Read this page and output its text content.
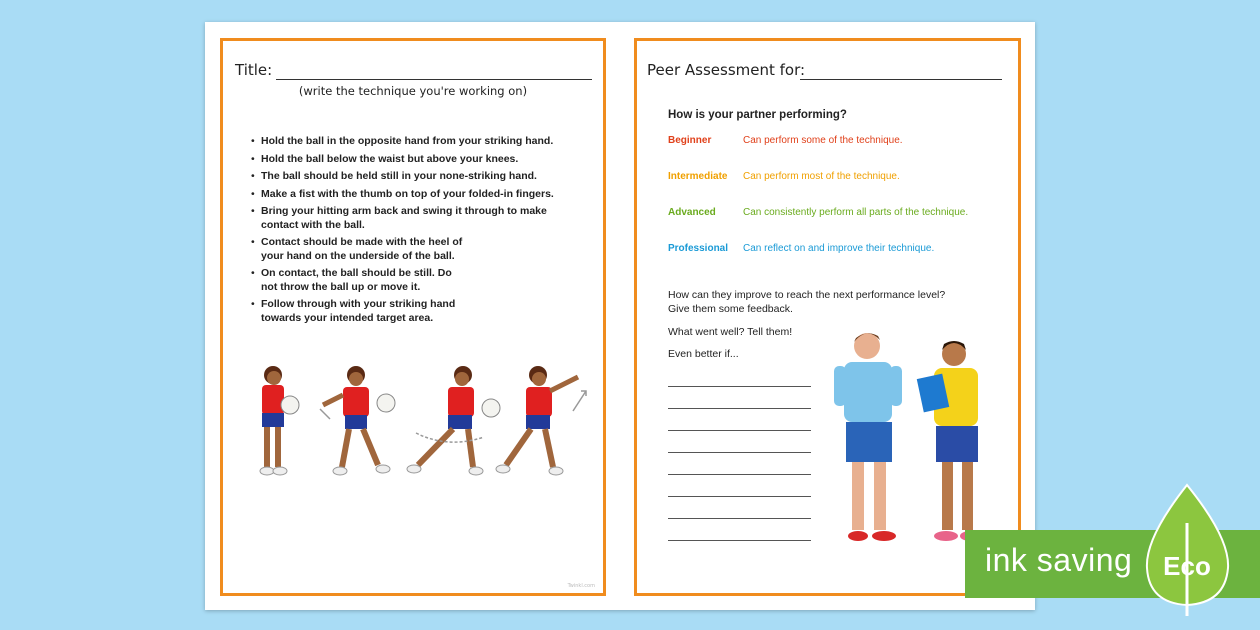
Title:
(write the technique you're working on)
• Hold the ball in the opposite hand from your striking hand.
• Hold the ball below the waist but above your knees.
• The ball should be held still in your none-striking hand.
• Make a fist with the thumb on top of your folded-in fingers.
• Bring your hitting arm back and swing it through to make contact with the ball.
• Contact should be made with the heel of your hand on the underside of the ball.
• On contact, the ball should be still. Do not throw the ball up or move it.
• Follow through with your striking hand towards your intended target area.
Twinkl.com
Peer Assessment for:
How is your partner performing?
Beginner	Can perform some of the technique.
Intermediate Can perform most of the technique.
Advanced	Can consistently perform all parts of the technique.
Professional Can reflect on and improve their technique.
How can they improve to reach the next performance level?
Give them some feedback.
What went well? Tell them!
Even better if...
ink saving Eco
